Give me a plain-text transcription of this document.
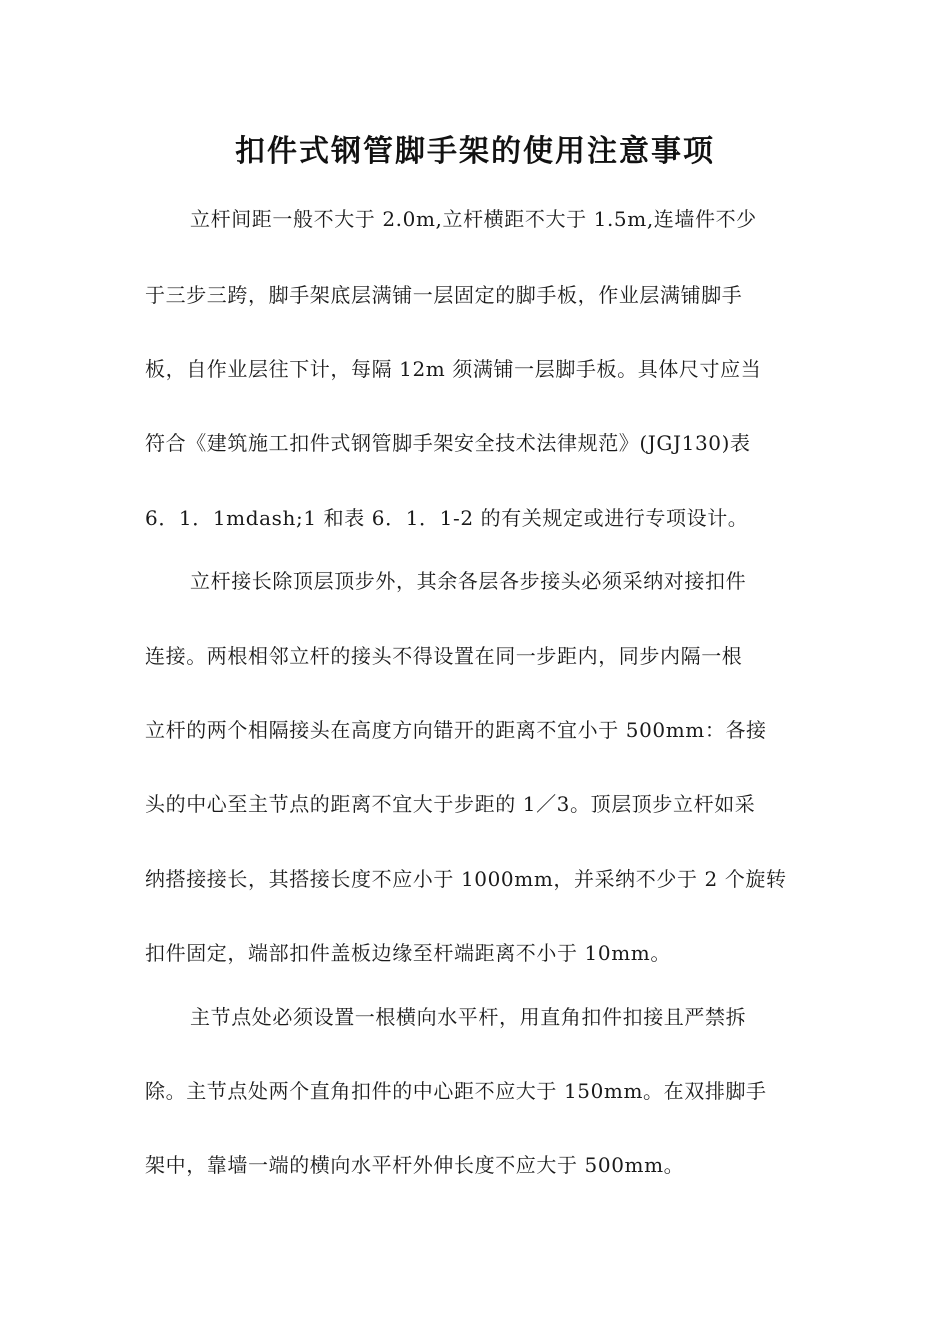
扣件式钢管脚手架的使用注意事项
立杆间距一般不大于 2.0m,立杆横距不大于 1.5m,连墙件不少
于三步三跨，脚手架底层满铺一层固定的脚手板，作业层满铺脚手
板，自作业层往下计，每隔 12m 须满铺一层脚手板。具体尺寸应当
符合《建筑施工扣件式钢管脚手架安全技术法律规范》(JGJ130)表
6．1．1mdash;1 和表 6．1．1-2 的有关规定或进行专项设计。
立杆接长除顶层顶步外，其余各层各步接头必须采纳对接扣件
连接。两根相邻立杆的接头不得设置在同一步距内，同步内隔一根
立杆的两个相隔接头在高度方向错开的距离不宜小于 500mm：各接
头的中心至主节点的距离不宜大于步距的 1／3。顶层顶步立杆如采
纳搭接接长，其搭接长度不应小于 1000mm，并采纳不少于 2 个旋转
扣件固定，端部扣件盖板边缘至杆端距离不小于 10mm。
主节点处必须设置一根横向水平杆，用直角扣件扣接且严禁拆
除。主节点处两个直角扣件的中心距不应大于 150mm。在双排脚手
架中，靠墙一端的横向水平杆外伸长度不应大于 500mm。
